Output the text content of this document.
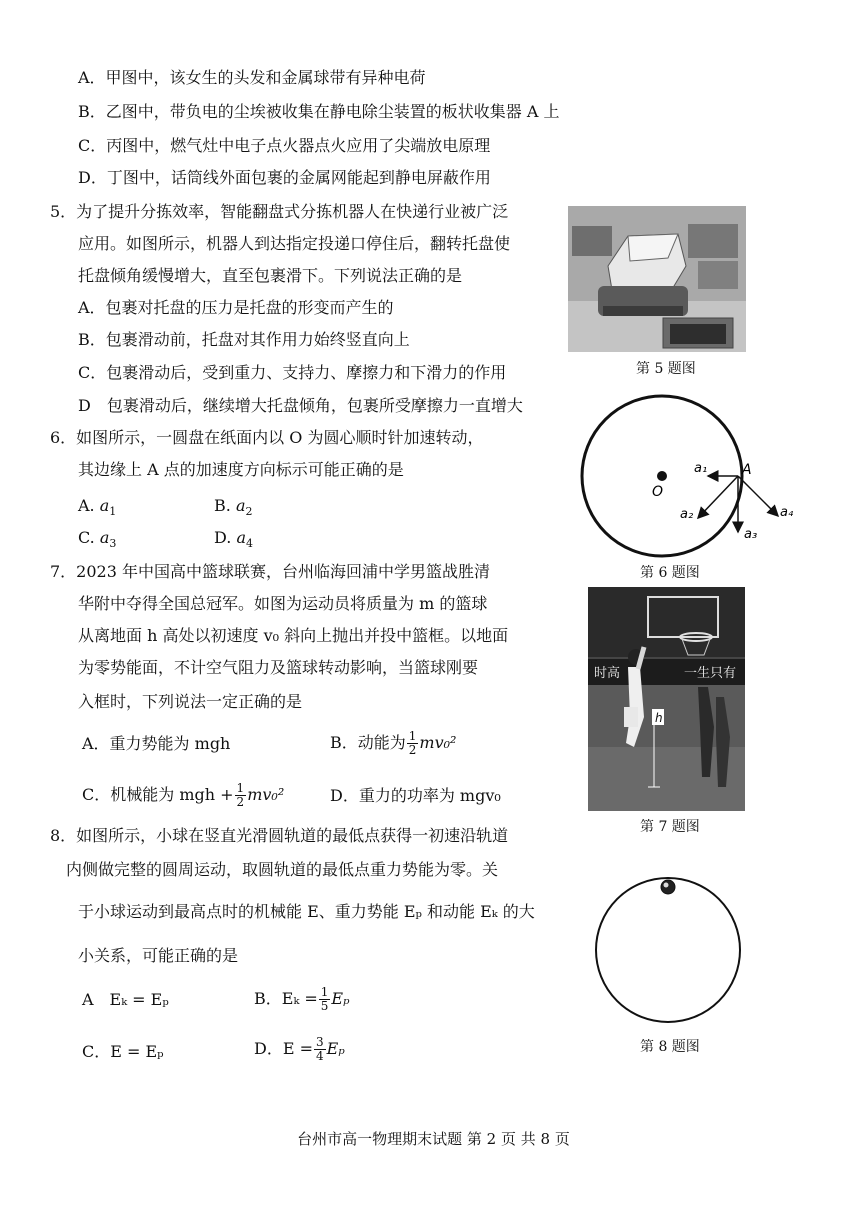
A．甲图中，该女生的头发和金属球带有异种电荷
B．乙图中，带负电的尘埃被收集在静电除尘装置的板状收集器 A 上
C．丙图中，燃气灶中电子点火器点火应用了尖端放电原理
D．丁图中，话筒线外面包裹的金属网能起到静电屏蔽作用
5．为了提升分拣效率，智能翻盘式分拣机器人在快递行业被广泛
应用。如图所示，机器人到达指定投递口停住后，翻转托盘使
托盘倾角缓慢增大，直至包裹滑下。下列说法正确的是
A．包裹对托盘的压力是托盘的形变而产生的
B．包裹滑动前，托盘对其作用力始终竖直向上
C．包裹滑动后，受到重力、支持力、摩擦力和下滑力的作用
D　包裹滑动后，继续增大托盘倾角，包裹所受摩擦力一直增大
第 5 题图
6．如图所示，一圆盘在纸面内以 O 为圆心顺时针加速转动，
其边缘上 A 点的加速度方向标示可能正确的是
A. $a_1$	B. $a_2$
C. $a_3$	D. $a_4$
O
A
a₁
a₂
a₃
a₄
第 6 题图
7．2023 年中国高中篮球联赛，台州临海回浦中学男篮战胜清
华附中夺得全国总冠军。如图为运动员将质量为 m 的篮球
从离地面 h 高处以初速度 v₀ 斜向上抛出并投中篮框。以地面
为零势能面，不计空气阻力及篮球转动影响，当篮球刚要
入框时，下列说法一定正确的是
A．重力势能为 mgh	B．动能为 $\frac{1}{2} mv_0^2$
C．机械能为 mgh + $\frac{1}{2} mv_0^2$	D．重力的功率为 mgv₀
时高	一生只有
h
第 7 题图
8．如图所示，小球在竖直光滑圆轨道的最低点获得一初速沿轨道
内侧做完整的圆周运动，取圆轨道的最低点重力势能为零。关
于小球运动到最高点时的机械能 E、重力势能 Eₚ 和动能 Eₖ 的大
小关系，可能正确的是
A　Eₖ = Eₚ	B．$E_k = \frac{1}{5}$ Eₚ
C．E = Eₚ	D．$E = \frac{3}{4}$ Eₚ	第 8 题图
台州市高一物理期末试题 第 2 页 共 8 页
